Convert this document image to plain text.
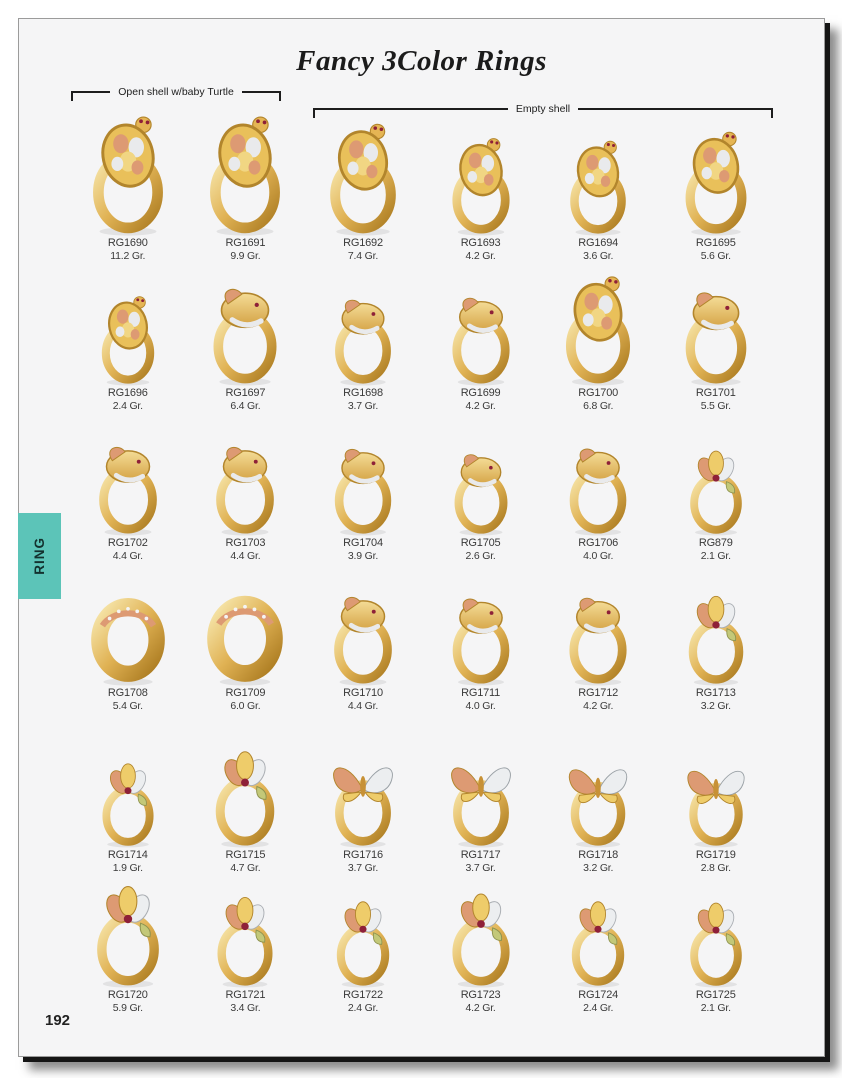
Fancy 3Color Rings
Open shell w/baby Turtle
Empty shell
RG1690
11.2 Gr.
RG1691
9.9 Gr.
RG1692
7.4 Gr.
RG1693
4.2 Gr.
RG1694
3.6 Gr.
RG1695
5.6 Gr.
RG1696
2.4 Gr.
RG1697
6.4 Gr.
RG1698
3.7 Gr.
RG1699
4.2 Gr.
RG1700
6.8 Gr.
RG1701
5.5 Gr.
RG1702
4.4 Gr.
RG1703
4.4 Gr.
RG1704
3.9 Gr.
RG1705
2.6 Gr.
RG1706
4.0 Gr.
RG879
2.1 Gr.
RG1708
5.4 Gr.
RG1709
6.0 Gr.
RG1710
4.4 Gr.
RG1711
4.0 Gr.
RG1712
4.2 Gr.
RG1713
3.2 Gr.
RG1714
1.9 Gr.
RG1715
4.7 Gr.
RG1716
3.7 Gr.
RG1717
3.7 Gr.
RG1718
3.2 Gr.
RG1719
2.8 Gr.
RG1720
5.9 Gr.
RG1721
3.4 Gr.
RG1722
2.4 Gr.
RG1723
4.2 Gr.
RG1724
2.4 Gr.
RG1725
2.1 Gr.
RING
192
